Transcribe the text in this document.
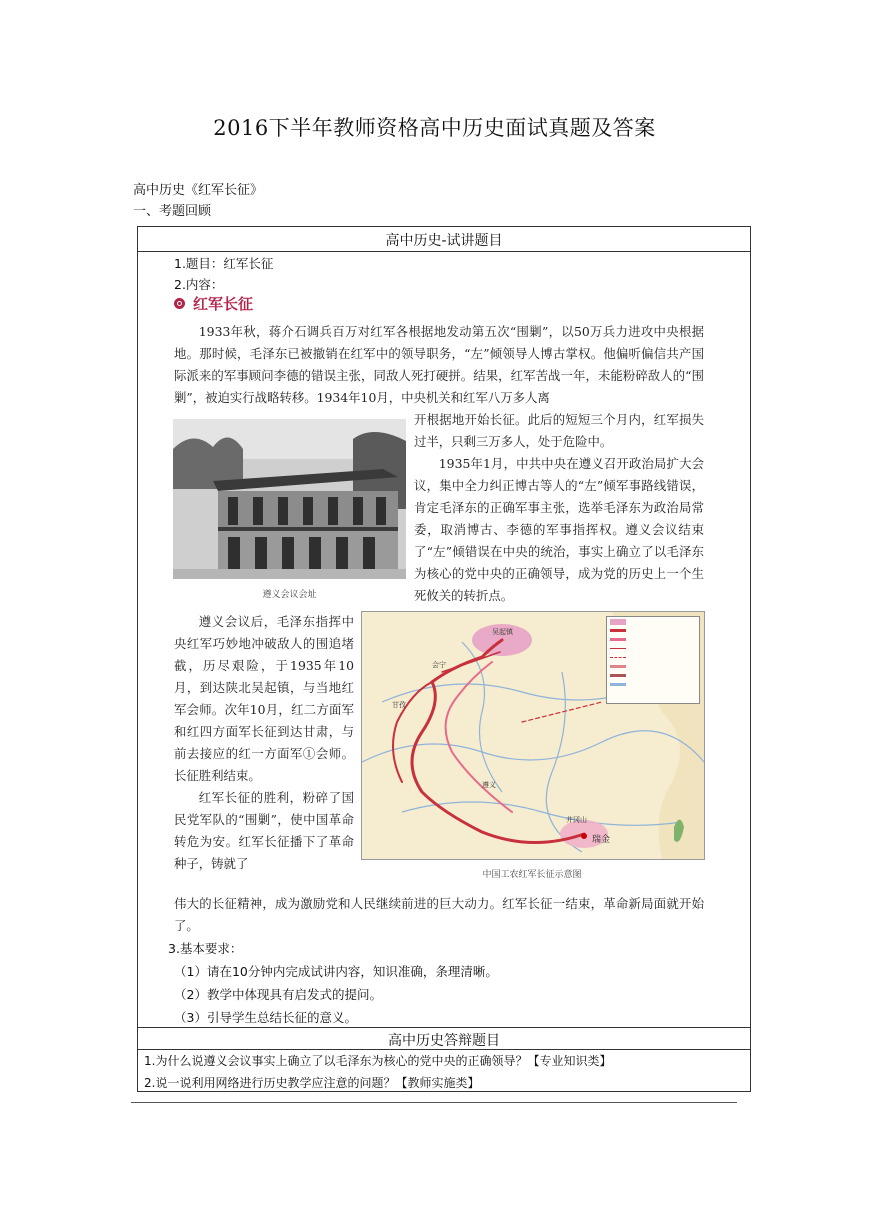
2016下半年教师资格高中历史面试真题及答案
高中历史《红军长征》
一、考题回顾
高中历史-试讲题目
1.题目：红军长征
2.内容：
红军长征

1933年秋，蒋介石调兵百万对红军各根据地发动第五次“围剿”，以50万兵力进攻中央根据地。那时候，毛泽东已被撤销在红军中的领导职务，“左”倾领导人博古掌权。他偏听偏信共产国际派来的军事顾问李德的错误主张，同敌人死打硬拼。结果，红军苦战一年，未能粉碎敌人的“围剿”，被迫实行战略转移。1934年10月，中央机关和红军八万多人离

遵义会议会址

开根据地开始长征。此后的短短三个月内，红军损失过半，只剩三万多人，处于危险中。

1935年1月，中共中央在遵义召开政治局扩大会议，集中全力纠正博古等人的“左”倾军事路线错误，肯定毛泽东的正确军事主张，选举毛泽东为政治局常委，取消博古、李德的军事指挥权。遵义会议结束了“左”倾错误在中央的统治，事实上确立了以毛泽东为核心的党中央的正确领导，成为党的历史上一个生死攸关的转折点。

遵义会议后，毛泽东指挥中央红军巧妙地冲破敌人的围追堵截，历尽艰险，于1935年10月，到达陕北吴起镇，与当地红军会师。次年10月，红二方面军和红四方面军长征到达甘肃，与前去接应的红一方面军①会师。长征胜利结束。

红军长征的胜利，粉碎了国民党军队的“围剿”，使中国革命转危为安。红军长征播下了革命种子，铸就了

瑞金
井冈山
吴起镇
会宁
甘孜
遵义
中国工农红军长征示意图

伟大的长征精神，成为激励党和人民继续前进的巨大动力。红军长征一结束，革命新局面就开始了。

3.基本要求：
（1）请在10分钟内完成试讲内容，知识准确，条理清晰。
（2）教学中体现具有启发式的提问。
（3）引导学生总结长征的意义。
高中历史答辩题目
1.为什么说遵义会议事实上确立了以毛泽东为核心的党中央的正确领导？【专业知识类】
2.说一说利用网络进行历史教学应注意的问题？【教师实施类】
